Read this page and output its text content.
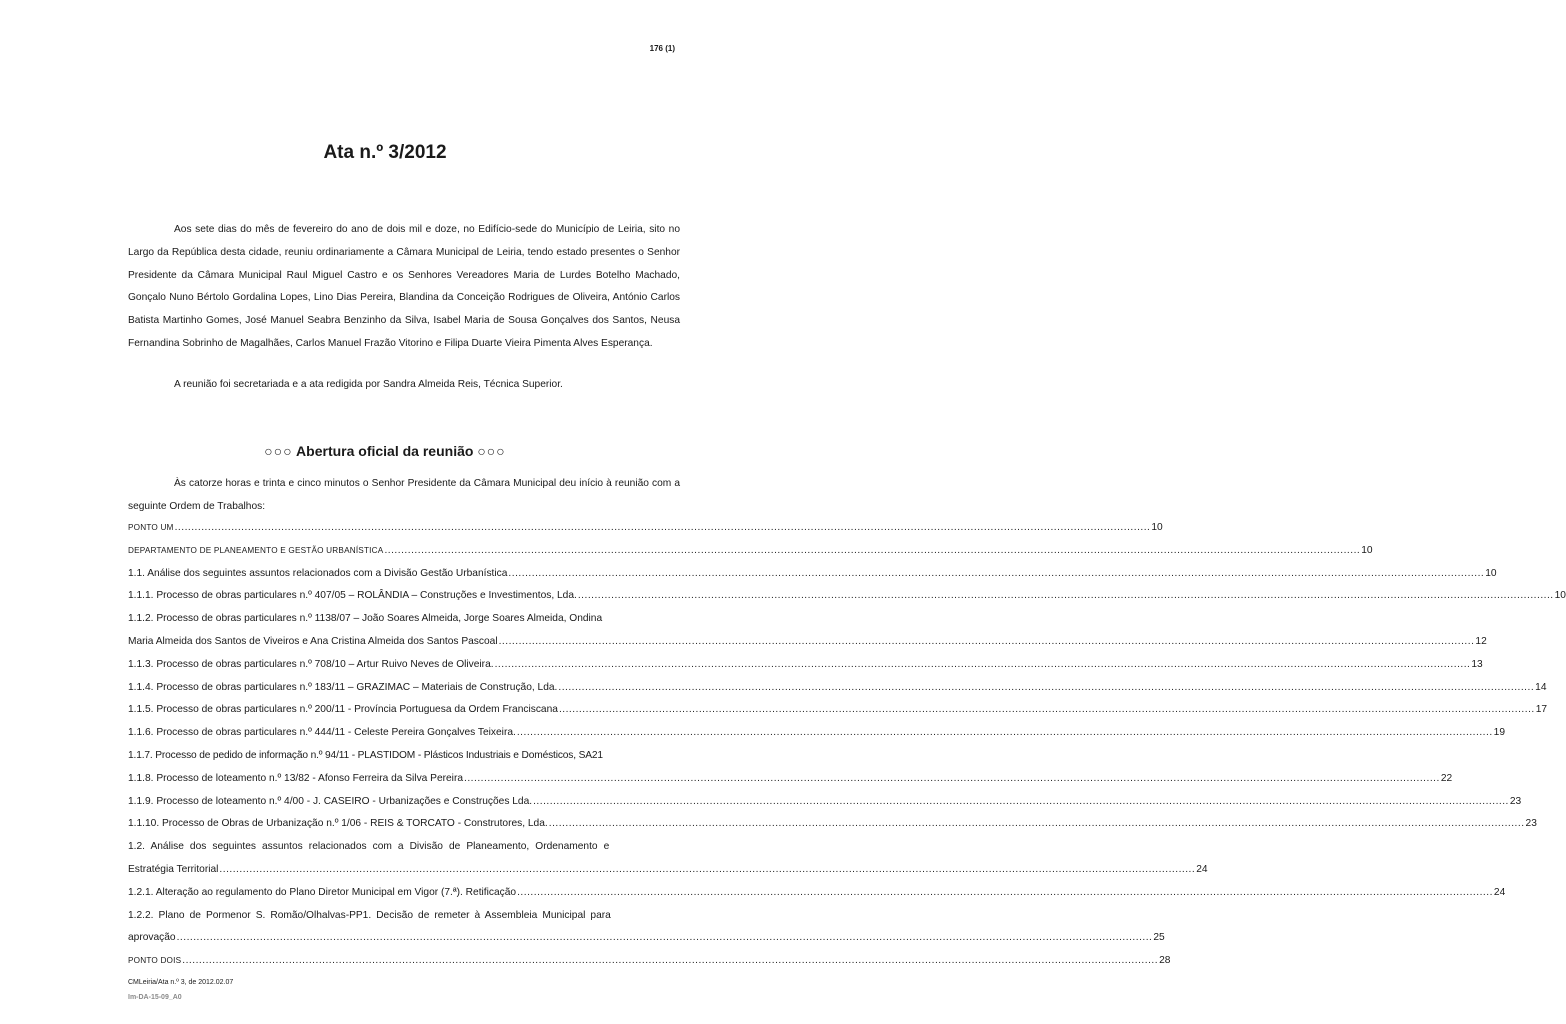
176 (1)
Ata n.º 3/2012

Aos sete dias do mês de fevereiro do ano de dois mil e doze, no Edifício-sede do Município de Leiria, sito no Largo da República desta cidade, reuniu ordinariamente a Câmara Municipal de Leiria, tendo estado presentes o Senhor Presidente da Câmara Municipal Raul Miguel Castro e os Senhores Vereadores Maria de Lurdes Botelho Machado, Gonçalo Nuno Bértolo Gordalina Lopes, Lino Dias Pereira, Blandina da Conceição Rodrigues de Oliveira, António Carlos Batista Martinho Gomes, José Manuel Seabra Benzinho da Silva, Isabel Maria de Sousa Gonçalves dos Santos, Neusa Fernandina Sobrinho de Magalhães, Carlos Manuel Frazão Vitorino e Filipa Duarte Vieira Pimenta Alves Esperança.

A reunião foi secretariada e a ata redigida por Sandra Almeida Reis, Técnica Superior.

○○○ Abertura oficial da reunião ○○○

Às catorze horas e trinta e cinco minutos o Senhor Presidente da Câmara Municipal deu início à reunião com a seguinte Ordem de Trabalhos:

PONTO UM .....	10
DEPARTAMENTO DE PLANEAMENTO E GESTÃO URBANÍSTICA .....	10
1.1. Análise dos seguintes assuntos relacionados com a Divisão Gestão Urbanística .....	10
1.1.1. Processo de obras particulares n.º 407/05 – ROLÂNDIA – Construções e Investimentos, Lda. .....	10
1.1.2. Processo de obras particulares n.º 1138/07 – João Soares Almeida, Jorge Soares Almeida, Ondina
Maria Almeida dos Santos de Viveiros e Ana Cristina Almeida dos Santos Pascoal .....	12
1.1.3. Processo de obras particulares n.º 708/10 – Artur Ruivo Neves de Oliveira. .....	13
1.1.4. Processo de obras particulares n.º 183/11 – GRAZIMAC – Materiais de Construção, Lda. .....	14
1.1.5. Processo de obras particulares n.º 200/11 - Província Portuguesa da Ordem Franciscana .....	17
1.1.6. Processo de obras particulares n.º 444/11 - Celeste Pereira Gonçalves Teixeira. .....	19
1.1.7. Processo de pedido de informação n.º 94/11 - PLASTIDOM - Plásticos Industriais e Domésticos, SA 21
1.1.8. Processo de loteamento n.º 13/82 - Afonso Ferreira da Silva Pereira .....	22
1.1.9. Processo de loteamento n.º 4/00 - J. CASEIRO - Urbanizações e Construções Lda. .....	23
1.1.10. Processo de Obras de Urbanização n.º 1/06 - REIS & TORCATO - Construtores, Lda. .....	23
1.2. Análise dos seguintes assuntos relacionados com a Divisão de Planeamento, Ordenamento e
Estratégia Territorial .....	24
1.2.1. Alteração ao regulamento do Plano Diretor Municipal em Vigor (7.ª). Retificação .....	24
1.2.2. Plano de Pormenor S. Romão/Olhalvas-PP1. Decisão de remeter à Assembleia Municipal para
aprovação .....	25
PONTO DOIS .....	28
CMLeiria/Ata n.º 3, de 2012.02.07
Im-DA-15-09_A0
